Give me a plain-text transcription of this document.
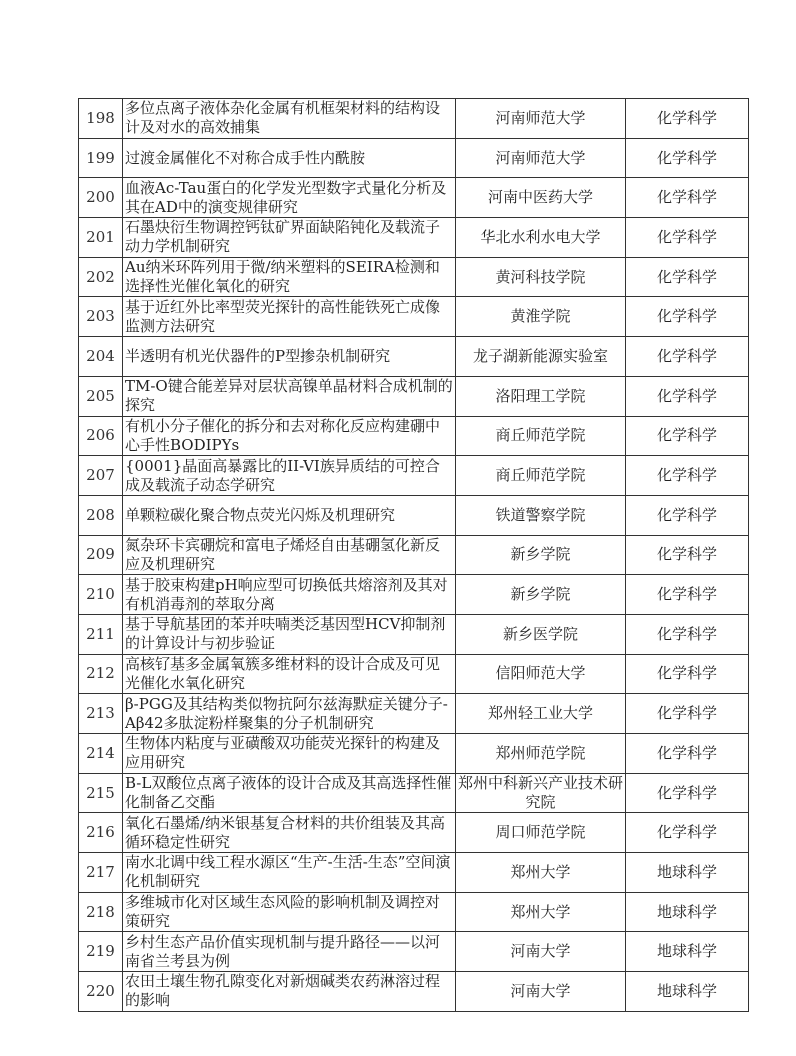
198	多位点离子液体杂化金属有机框架材料的结构设计及对水的高效捕集	河南师范大学	化学科学
199	过渡金属催化不对称合成手性内酰胺	河南师范大学	化学科学
200	血液Ac-Tau蛋白的化学发光型数字式量化分析及其在AD中的演变规律研究	河南中医药大学	化学科学
201	石墨炔衍生物调控钙钛矿界面缺陷钝化及载流子动力学机制研究	华北水利水电大学	化学科学
202	Au纳米环阵列用于微/纳米塑料的SEIRA检测和选择性光催化氧化的研究	黄河科技学院	化学科学
203	基于近红外比率型荧光探针的高性能铁死亡成像监测方法研究	黄淮学院	化学科学
204	半透明有机光伏器件的P型掺杂机制研究	龙子湖新能源实验室	化学科学
205	TM-O键合能差异对层状高镍单晶材料合成机制的探究	洛阳理工学院	化学科学
206	有机小分子催化的拆分和去对称化反应构建硼中心手性BODIPYs	商丘师范学院	化学科学
207	{0001}晶面高暴露比的II-VI族异质结的可控合成及载流子动态学研究	商丘师范学院	化学科学
208	单颗粒碳化聚合物点荧光闪烁及机理研究	铁道警察学院	化学科学
209	氮杂环卡宾硼烷和富电子烯烃自由基硼氢化新反应及机理研究	新乡学院	化学科学
210	基于胶束构建pH响应型可切换低共熔溶剂及其对有机消毒剂的萃取分离	新乡学院	化学科学
211	基于导航基团的苯并呋喃类泛基因型HCV抑制剂的计算设计与初步验证	新乡医学院	化学科学
212	高核钌基多金属氧簇多维材料的设计合成及可见光催化水氧化研究	信阳师范大学	化学科学
213	β-PGG及其结构类似物抗阿尔兹海默症关键分子-Aβ42多肽淀粉样聚集的分子机制研究	郑州轻工业大学	化学科学
214	生物体内粘度与亚磺酸双功能荧光探针的构建及应用研究	郑州师范学院	化学科学
215	B-L双酸位点离子液体的设计合成及其高选择性催化制备乙交酯	郑州中科新兴产业技术研究院	化学科学
216	氧化石墨烯/纳米银基复合材料的共价组装及其高循环稳定性研究	周口师范学院	化学科学
217	南水北调中线工程水源区“生产-生活-生态”空间演化机制研究	郑州大学	地球科学
218	多维城市化对区域生态风险的影响机制及调控对策研究	郑州大学	地球科学
219	乡村生态产品价值实现机制与提升路径——以河南省兰考县为例	河南大学	地球科学
220	农田土壤生物孔隙变化对新烟碱类农药淋溶过程的影响	河南大学	地球科学
